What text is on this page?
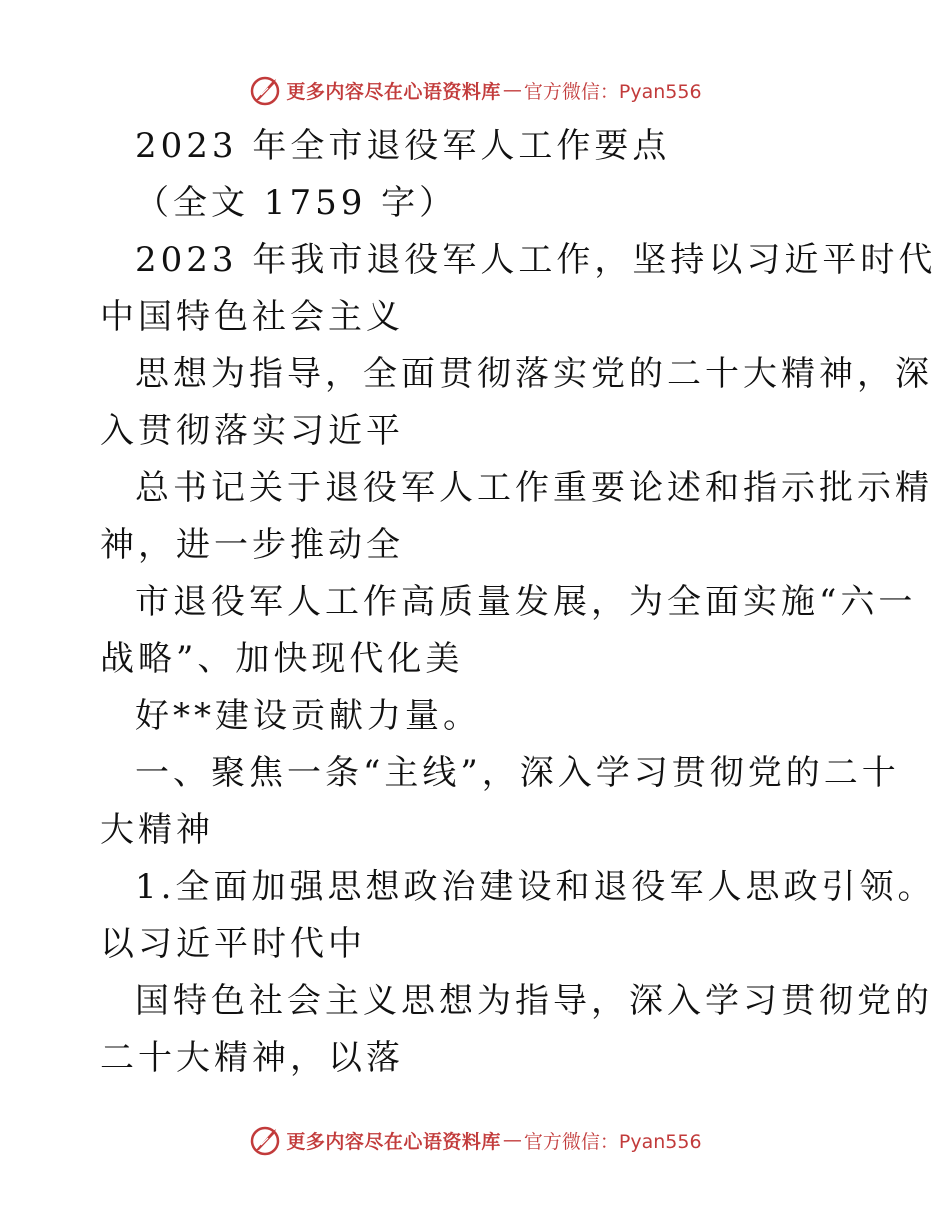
更多内容尽在心语资料库 — 官方微信：Pyan556
2023 年全市退役军人工作要点
（全文 1759 字）
2023 年我市退役军人工作，坚持以习近平时代
中国特色社会主义
思想为指导，全面贯彻落实党的二十大精神，深
入贯彻落实习近平
总书记关于退役军人工作重要论述和指示批示精
神，进一步推动全
市退役军人工作高质量发展，为全面实施“六一
战略”、加快现代化美
好**建设贡献力量。
一、聚焦一条“主线”，深入学习贯彻党的二十
大精神
1.全面加强思想政治建设和退役军人思政引领。
以习近平时代中
国特色社会主义思想为指导，深入学习贯彻党的
二十大精神，以落
更多内容尽在心语资料库 — 官方微信：Pyan556
